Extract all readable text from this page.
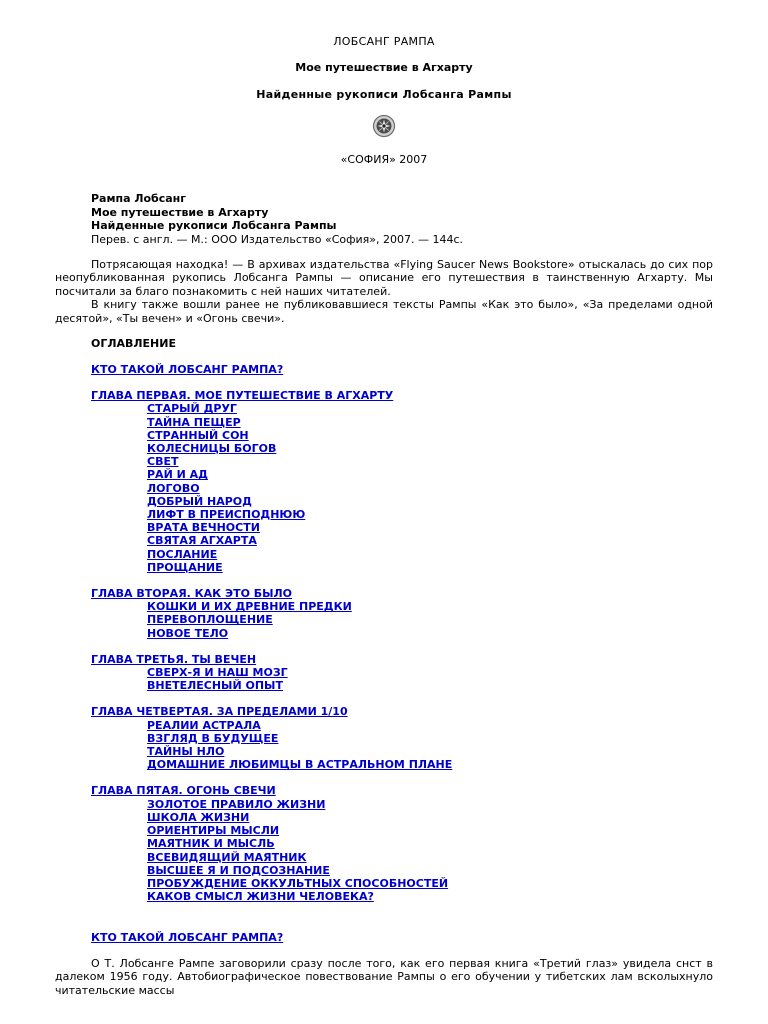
ЛОБСАНГ РАМПА
Мое путешествие в Агхарту
Найденные рукописи Лобсанга Рампы
«СОФИЯ» 2007
Рампа Лобсанг
Мое путешествие в Агхарту
Найденные рукописи Лобсанга Рампы
Перев. с англ. — М.: ООО Издательство «София», 2007. — 144с.

Потрясающая находка! — В архивах издательства «Flying Saucer News Bookstore» отыскалась до сих пор неопубликованная рукопись Лобсанга Рампы — описание его путешествия в таинственную Агхарту. Мы посчитали за благо познакомить с ней наших читателей.

В книгу также вошли ранее не публиковавшиеся тексты Рампы «Как это было», «За пределами одной десятой», «Ты вечен» и «Огонь свечи».

ОГЛАВЛЕНИЕ
КТО ТАКОЙ ЛОБСАНГ РАМПА?
ГЛАВА ПЕРВАЯ. МОЕ ПУТЕШЕСТВИЕ В АГХАРТУ
СТАРЫЙ ДРУГ
ТАЙНА ПЕЩЕР
СТРАННЫЙ СОН
КОЛЕСНИЦЫ БОГОВ
СВЕТ
РАЙ И АД
ЛОГОВО
ДОБРЫЙ НАРОД
ЛИФТ В ПРЕИСПОДНЮЮ
ВРАТА ВЕЧНОСТИ
СВЯТАЯ АГХАРТА
ПОСЛАНИЕ
ПРОЩАНИЕ
ГЛАВА ВТОРАЯ. КАК ЭТО БЫЛО
КОШКИ И ИХ ДРЕВНИЕ ПРЕДКИ
ПЕРЕВОПЛОЩЕНИЕ
НОВОЕ ТЕЛО
ГЛАВА ТРЕТЬЯ. ТЫ ВЕЧЕН
СВЕРХ-Я И НАШ МОЗГ
ВНЕТЕЛЕСНЫЙ ОПЫТ
ГЛАВА ЧЕТВЕРТАЯ. ЗА ПРЕДЕЛАМИ 1/10
РЕАЛИИ АСТРАЛА
ВЗГЛЯД В БУДУЩЕЕ
ТАЙНЫ НЛО
ДОМАШНИЕ ЛЮБИМЦЫ В АСТРАЛЬНОМ ПЛАНЕ
ГЛАВА ПЯТАЯ. ОГОНЬ СВЕЧИ
ЗОЛОТОЕ ПРАВИЛО ЖИЗНИ
ШКОЛА ЖИЗНИ
ОРИЕНТИРЫ МЫСЛИ
МАЯТНИК И МЫСЛЬ
ВСЕВИДЯЩИЙ МАЯТНИК
ВЫСШЕЕ Я И ПОДСОЗНАНИЕ
ПРОБУЖДЕНИЕ ОККУЛЬТНЫХ СПОСОБНОСТЕЙ
КАКОВ СМЫСЛ ЖИЗНИ ЧЕЛОВЕКА?
КТО ТАКОЙ ЛОБСАНГ РАМПА?

О Т. Лобсанге Рампе заговорили сразу после того, как его первая книга «Третий глаз» увидела снст в далеком 1956 году. Автобиографическое повествование Рампы о его обучении у тибетских лам всколыхнуло читательские массы
